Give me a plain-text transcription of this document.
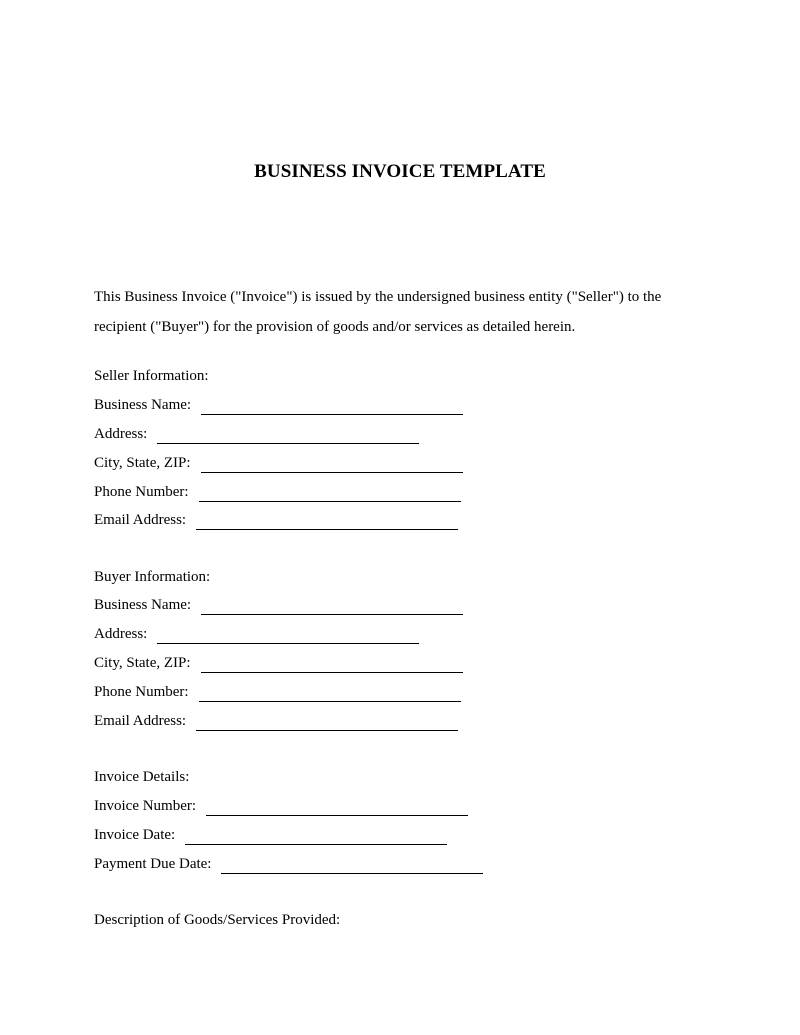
BUSINESS INVOICE TEMPLATE
This Business Invoice ("Invoice") is issued by the undersigned business entity ("Seller") to the
recipient ("Buyer") for the provision of goods and/or services as detailed herein.
Seller Information:
Business Name:
Address:
City, State, ZIP:
Phone Number:
Email Address:
Buyer Information:
Business Name:
Address:
City, State, ZIP:
Phone Number:
Email Address:
Invoice Details:
Invoice Number:
Invoice Date:
Payment Due Date:
Description of Goods/Services Provided:
